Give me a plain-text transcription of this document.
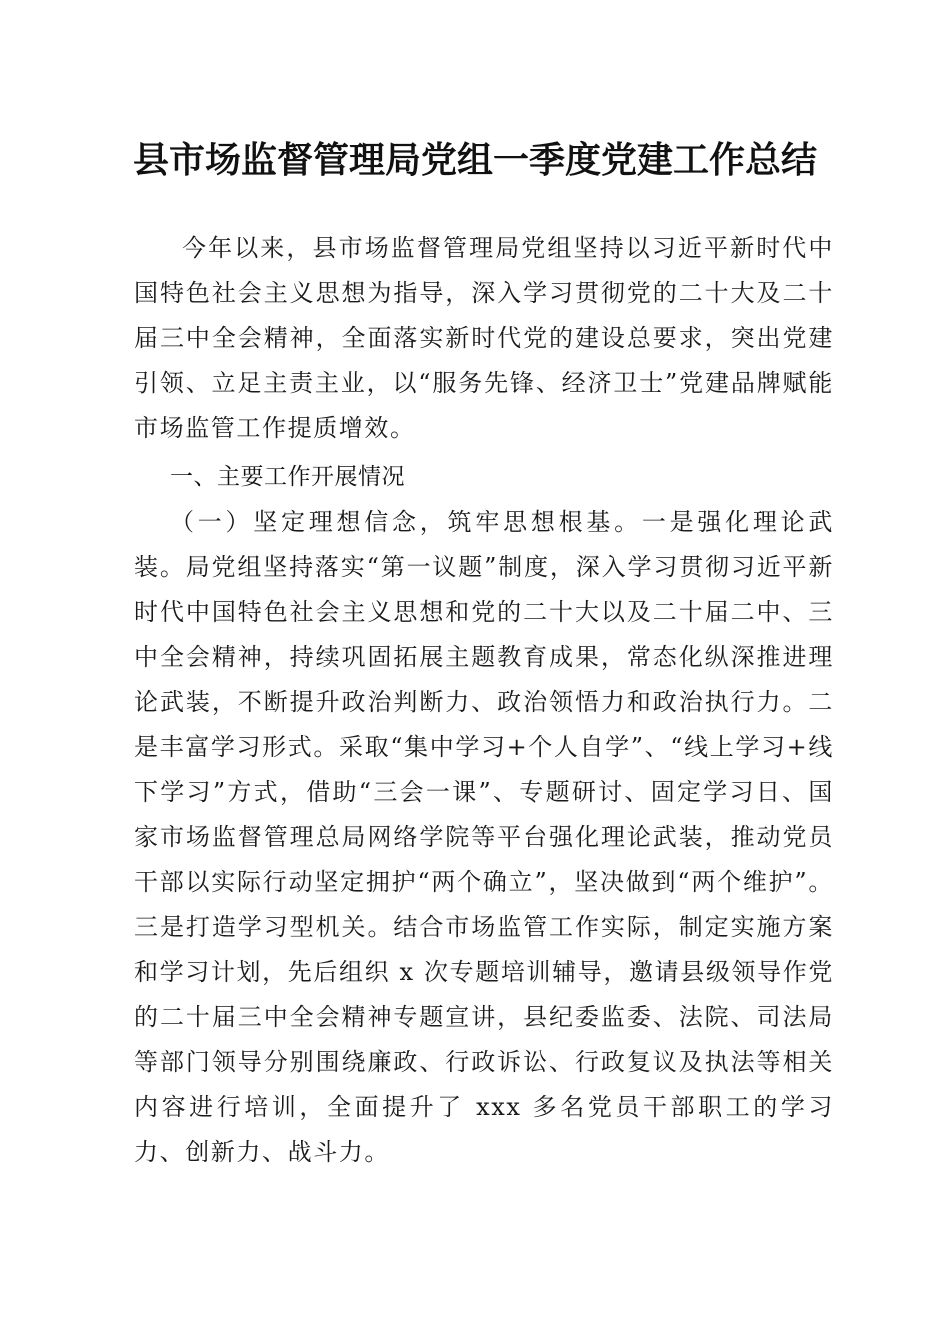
县市场监督管理局党组一季度党建工作总结

今年以来，县市场监督管理局党组坚持以习近平新时代中国特色社会主义思想为指导，深入学习贯彻党的二十大及二十届三中全会精神，全面落实新时代党的建设总要求，突出党建引领、立足主责主业，以“服务先锋、经济卫士”党建品牌赋能市场监管工作提质增效。

一、主要工作开展情况

（一）坚定理想信念，筑牢思想根基。一是强化理论武装。局党组坚持落实“第一议题”制度，深入学习贯彻习近平新时代中国特色社会主义思想和党的二十大以及二十届二中、三中全会精神，持续巩固拓展主题教育成果，常态化纵深推进理论武装，不断提升政治判断力、政治领悟力和政治执行力。二是丰富学习形式。采取“集中学习+个人自学”、“线上学习+线下学习”方式，借助“三会一课”、专题研讨、固定学习日、国家市场监督管理总局网络学院等平台强化理论武装，推动党员干部以实际行动坚定拥护“两个确立”，坚决做到“两个维护”。三是打造学习型机关。结合市场监管工作实际，制定实施方案和学习计划，先后组织 x 次专题培训辅导，邀请县级领导作党的二十届三中全会精神专题宣讲，县纪委监委、法院、司法局等部门领导分别围绕廉政、行政诉讼、行政复议及执法等相关内容进行培训，全面提升了 xxx 多名党员干部职工的学习力、创新力、战斗力。
